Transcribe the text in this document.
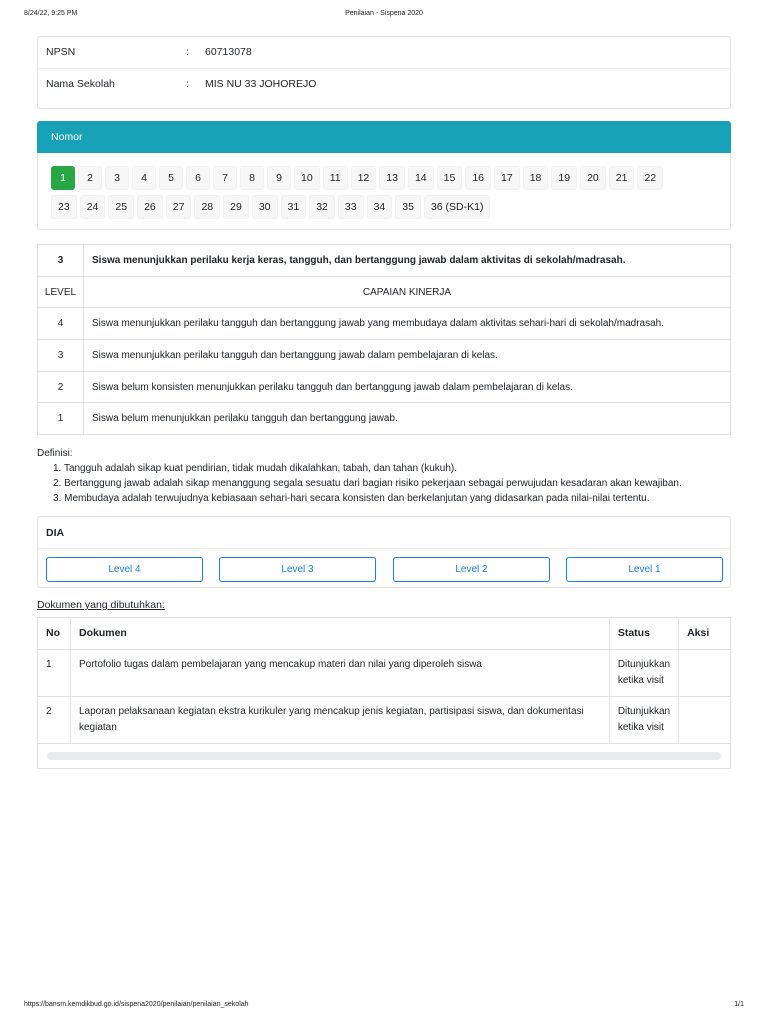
8/24/22, 9:25 PM	Penilaian - Sispena 2020
NPSN	: 60713078
Nama Sekolah	: MIS NU 33 JOHOREJO
Nomor
1	2	3	4	5	6	7	8	9	10	11	12	13	14	15	16	17	18	19	20	21	22
23	24	25	26	27	28	29	30	31	32	33	34	35	36 (SD-K1)
3	Siswa menunjukkan perilaku kerja keras, tangguh, dan bertanggung jawab dalam aktivitas di sekolah/madrasah.
LEVEL	CAPAIAN KINERJA
4	Siswa menunjukkan perilaku tangguh dan bertanggung jawab yang membudaya dalam aktivitas sehari-hari di sekolah/madrasah.
3	Siswa menunjukkan perilaku tangguh dan bertanggung jawab dalam pembelajaran di kelas.
2	Siswa belum konsisten menunjukkan perilaku tangguh dan bertanggung jawab dalam pembelajaran di kelas.
1	Siswa belum menunjukkan perilaku tangguh dan bertanggung jawab.
Definisi:
1. Tangguh adalah sikap kuat pendirian, tidak mudah dikalahkan, tabah, dan tahan (kukuh).
2. Bertanggung jawab adalah sikap menanggung segala sesuatu dari bagian risiko pekerjaan sebagai perwujudan kesadaran akan kewajiban.
3. Membudaya adalah terwujudnya kebiasaan sehari-hari secara konsisten dan berkelanjutan yang didasarkan pada nilai-nilai tertentu.
DIA
Level 4	Level 3	Level 2	Level 1
Dokumen yang dibutuhkan:
No	Dokumen	Status	Aksi
1	Portofolio tugas dalam pembelajaran yang mencakup materi dan nilai yang diperoleh siswa	Ditunjukkan ketika visit	
2	Laporan pelaksanaan kegiatan ekstra kurikuler yang mencakup jenis kegiatan, partisipasi siswa, dan dokumentasi kegiatan	Ditunjukkan ketika visit	
https://bansm.kemdikbud.go.id/sispena2020/penilaian/penilaian_sekolah	1/1
